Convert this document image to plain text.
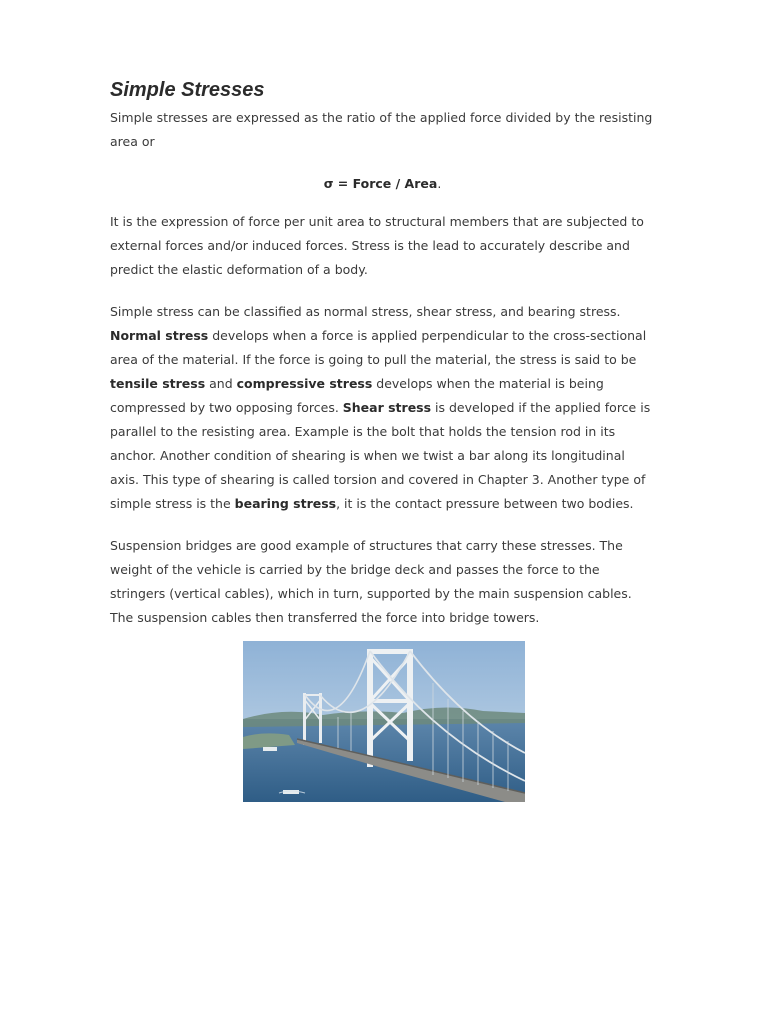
Simple Stresses

Simple stresses are expressed as the ratio of the applied force divided by the resisting area or

σ = Force / Area.

It is the expression of force per unit area to structural members that are subjected to external forces and/or induced forces. Stress is the lead to accurately describe and predict the elastic deformation of a body.

Simple stress can be classified as normal stress, shear stress, and bearing stress. Normal stress develops when a force is applied perpendicular to the cross-sectional area of the material. If the force is going to pull the material, the stress is said to be tensile stress and compressive stress develops when the material is being compressed by two opposing forces. Shear stress is developed if the applied force is parallel to the resisting area. Example is the bolt that holds the tension rod in its anchor. Another condition of shearing is when we twist a bar along its longitudinal axis. This type of shearing is called torsion and covered in Chapter 3. Another type of simple stress is the bearing stress, it is the contact pressure between two bodies.

Suspension bridges are good example of structures that carry these stresses. The weight of the vehicle is carried by the bridge deck and passes the force to the stringers (vertical cables), which in turn, supported by the main suspension cables. The suspension cables then transferred the force into bridge towers.
